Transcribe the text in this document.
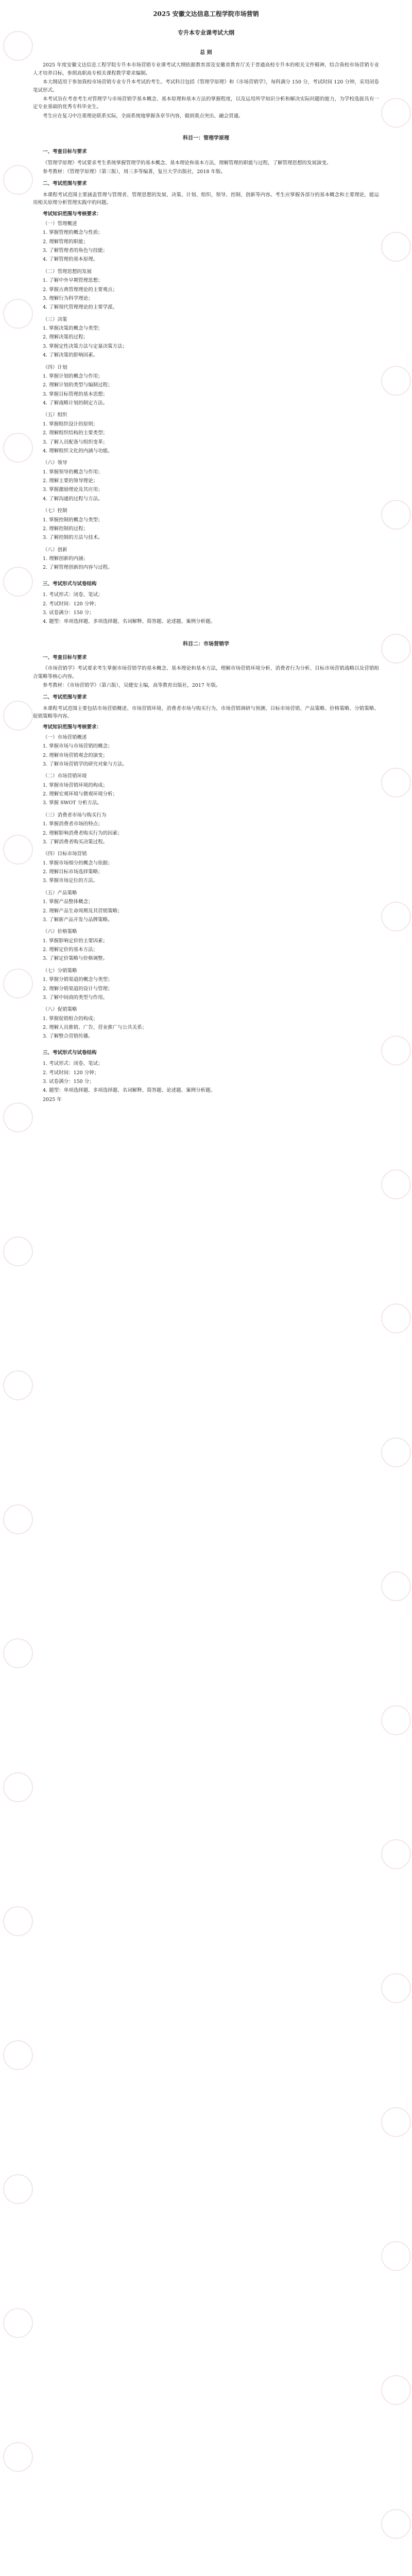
2025 安徽文达信息工程学院市场营销
专升本专业课考试大纲
总 则

2025 年度安徽文达信息工程学院专升本市场营销专业课考试大纲依据教育部及安徽省教育厅关于普通高校专升本的相关文件精神，结合我校市场营销专业人才培养目标，参照高职高专相关课程教学要求编制。

本大纲适用于参加我校市场营销专业专升本考试的考生。考试科目包括《管理学原理》和《市场营销学》，每科满分 150 分，考试时间 120 分钟，采用闭卷笔试形式。

本考试旨在考查考生对管理学与市场营销学基本概念、基本原理和基本方法的掌握程度，以及运用所学知识分析和解决实际问题的能力，为学校选拔具有一定专业基础的优秀专科毕业生。

考生应在复习中注重理论联系实际，全面系统地掌握各章节内容，做到重点突出、融会贯通。

科目一：管理学原理
一、考查目标与要求

《管理学原理》考试要求考生系统掌握管理学的基本概念、基本理论和基本方法，理解管理的职能与过程，了解管理思想的发展演变。

参考教材：《管理学原理》（第三版），周三多等编著，复旦大学出版社，2018 年版。

二、考试范围与要求

本课程考试范围主要涵盖管理与管理者、管理思想的发展、决策、计划、组织、领导、控制、创新等内容。考生应掌握各部分的基本概念和主要理论，能运用相关原理分析管理实践中的问题。

考试知识范围与考核要求：
（一）管理概述
1. 掌握管理的概念与性质；
2. 理解管理的职能；
3. 了解管理者的角色与技能；
4. 了解管理的基本原理。
（二）管理思想的发展
1. 了解中外早期管理思想；
2. 掌握古典管理理论的主要观点；
3. 理解行为科学理论；
4. 了解现代管理理论的主要学派。
（三）决策
1. 掌握决策的概念与类型；
2. 理解决策的过程；
3. 掌握定性决策方法与定量决策方法；
4. 了解决策的影响因素。
（四）计划
1. 掌握计划的概念与作用；
2. 理解计划的类型与编制过程；
3. 掌握目标管理的基本思想；
4. 了解战略计划的制定方法。
（五）组织
1. 掌握组织设计的原则；
2. 理解组织结构的主要类型；
3. 了解人员配备与组织变革；
4. 理解组织文化的内涵与功能。
（六）领导
1. 掌握领导的概念与作用；
2. 理解主要的领导理论；
3. 掌握激励理论及其应用；
4. 了解沟通的过程与方法。
（七）控制
1. 掌握控制的概念与类型；
2. 理解控制的过程；
3. 了解控制的方法与技术。
（八）创新
1. 理解创新的内涵；
2. 了解管理创新的内容与过程。
三、考试形式与试卷结构
1. 考试形式：闭卷、笔试；
2. 考试时间：120 分钟；
3. 试卷满分：150 分；
4. 题型：单项选择题、多项选择题、名词解释、简答题、论述题、案例分析题。
科目二：市场营销学
一、考查目标与要求

《市场营销学》考试要求考生掌握市场营销学的基本概念、基本理论和基本方法，理解市场营销环境分析、消费者行为分析、目标市场营销战略以及营销组合策略等核心内容。

参考教材：《市场营销学》（第六版），吴健安主编，高等教育出版社，2017 年版。

二、考试范围与要求

本课程考试范围主要包括市场营销概述、市场营销环境、消费者市场与购买行为、市场营销调研与预测、目标市场营销、产品策略、价格策略、分销策略、促销策略等内容。

考试知识范围与考核要求：
（一）市场营销概述
1. 掌握市场与市场营销的概念；
2. 理解市场营销观念的演变；
3. 了解市场营销学的研究对象与方法。
（二）市场营销环境
1. 掌握市场营销环境的构成；
2. 理解宏观环境与微观环境分析；
3. 掌握 SWOT 分析方法。
（三）消费者市场与购买行为
1. 掌握消费者市场的特点；
2. 理解影响消费者购买行为的因素；
3. 了解消费者购买决策过程。
（四）目标市场营销
1. 掌握市场细分的概念与依据；
2. 理解目标市场选择策略；
3. 掌握市场定位的方法。
（五）产品策略
1. 掌握产品整体概念；
2. 理解产品生命周期及其营销策略；
3. 了解新产品开发与品牌策略。
（六）价格策略
1. 掌握影响定价的主要因素；
2. 理解定价的基本方法；
3. 了解定价策略与价格调整。
（七）分销策略
1. 掌握分销渠道的概念与类型；
2. 理解分销渠道的设计与管理；
3. 了解中间商的类型与作用。
（八）促销策略
1. 掌握促销组合的构成；
2. 理解人员推销、广告、营业推广与公共关系；
3. 了解整合营销传播。
三、考试形式与试卷结构
1. 考试形式：闭卷、笔试；
2. 考试时间：120 分钟；
3. 试卷满分：150 分；
4. 题型：单项选择题、多项选择题、名词解释、简答题、论述题、案例分析题。
2025 年
